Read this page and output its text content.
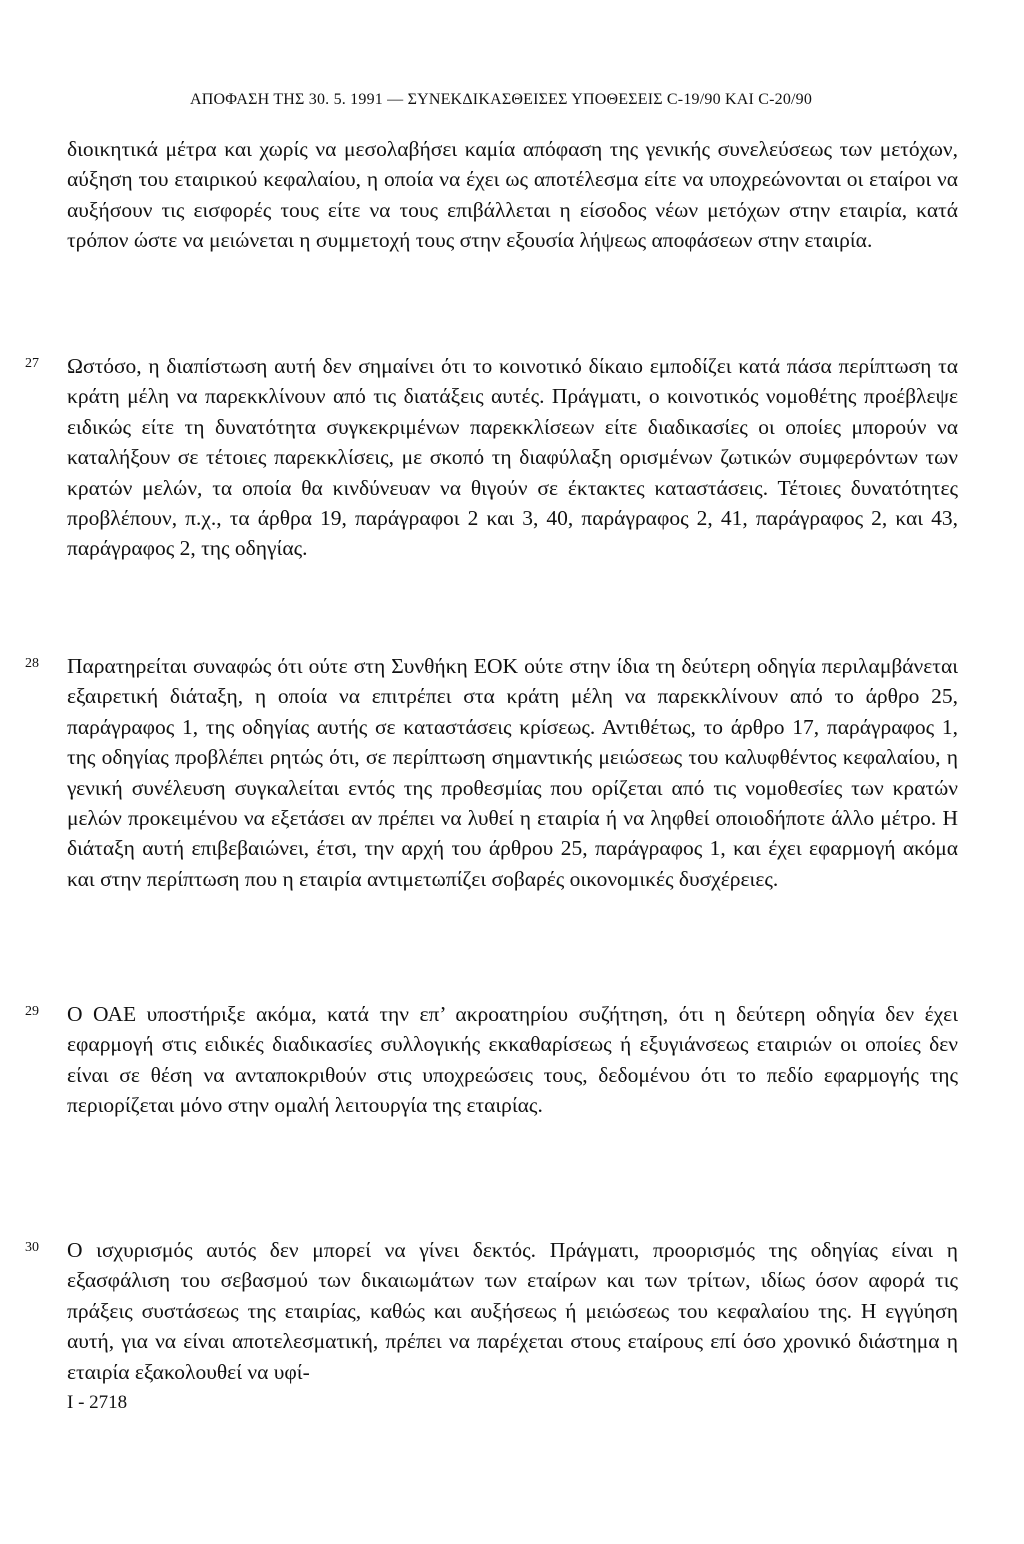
ΑΠΟΦΑΣΗ ΤΗΣ 30. 5. 1991 — ΣΥΝΕΚΔΙΚΑΣΘΕΙΣΕΣ ΥΠΟΘΕΣΕΙΣ C-19/90 ΚΑΙ C-20/90

διοικητικά μέτρα και χωρίς να μεσολαβήσει καμία απόφαση της γενικής συνελεύσεως των μετόχων, αύξηση του εταιρικού κεφαλαίου, η οποία να έχει ως αποτέλεσμα είτε να υποχρεώνονται οι εταίροι να αυξήσουν τις εισφορές τους είτε να τους επιβάλλεται η είσοδος νέων μετόχων στην εταιρία, κατά τρόπον ώστε να μειώνεται η συμμετοχή τους στην εξουσία λήψεως αποφάσεων στην εταιρία.

27 Ωστόσο, η διαπίστωση αυτή δεν σημαίνει ότι το κοινοτικό δίκαιο εμποδίζει κατά πάσα περίπτωση τα κράτη μέλη να παρεκκλίνουν από τις διατάξεις αυτές. Πράγματι, ο κοινοτικός νομοθέτης προέβλεψε ειδικώς είτε τη δυνατότητα συγκεκριμένων παρεκκλίσεων είτε διαδικασίες οι οποίες μπορούν να καταλήξουν σε τέτοιες παρεκκλίσεις, με σκοπό τη διαφύλαξη ορισμένων ζωτικών συμφερόντων των κρατών μελών, τα οποία θα κινδύνευαν να θιγούν σε έκτακτες καταστάσεις. Τέτοιες δυνατότητες προβλέπουν, π.χ., τα άρθρα 19, παράγραφοι 2 και 3, 40, παράγραφος 2, 41, παράγραφος 2, και 43, παράγραφος 2, της οδηγίας.

28 Παρατηρείται συναφώς ότι ούτε στη Συνθήκη ΕΟΚ ούτε στην ίδια τη δεύτερη οδηγία περιλαμβάνεται εξαιρετική διάταξη, η οποία να επιτρέπει στα κράτη μέλη να παρεκκλίνουν από το άρθρο 25, παράγραφος 1, της οδηγίας αυτής σε καταστάσεις κρίσεως. Αντιθέτως, το άρθρο 17, παράγραφος 1, της οδηγίας προβλέπει ρητώς ότι, σε περίπτωση σημαντικής μειώσεως του καλυφθέντος κεφαλαίου, η γενική συνέλευση συγκαλείται εντός της προθεσμίας που ορίζεται από τις νομοθεσίες των κρατών μελών προκειμένου να εξετάσει αν πρέπει να λυθεί η εταιρία ή να ληφθεί οποιοδήποτε άλλο μέτρο. Η διάταξη αυτή επιβεβαιώνει, έτσι, την αρχή του άρθρου 25, παράγραφος 1, και έχει εφαρμογή ακόμα και στην περίπτωση που η εταιρία αντιμετωπίζει σοβαρές οικονομικές δυσχέρειες.

29 Ο ΟΑΕ υποστήριξε ακόμα, κατά την επ’ ακροατηρίου συζήτηση, ότι η δεύτερη οδηγία δεν έχει εφαρμογή στις ειδικές διαδικασίες συλλογικής εκκαθαρίσεως ή εξυγιάνσεως εταιριών οι οποίες δεν είναι σε θέση να ανταποκριθούν στις υποχρεώσεις τους, δεδομένου ότι το πεδίο εφαρμογής της περιορίζεται μόνο στην ομαλή λειτουργία της εταιρίας.

30 Ο ισχυρισμός αυτός δεν μπορεί να γίνει δεκτός. Πράγματι, προορισμός της οδηγίας είναι η εξασφάλιση του σεβασμού των δικαιωμάτων των εταίρων και των τρίτων, ιδίως όσον αφορά τις πράξεις συστάσεως της εταιρίας, καθώς και αυξήσεως ή μειώσεως του κεφαλαίου της. Η εγγύηση αυτή, για να είναι αποτελεσματική, πρέπει να παρέχεται στους εταίρους επί όσο χρονικό διάστημα η εταιρία εξακολουθεί να υφί-

I - 2718
